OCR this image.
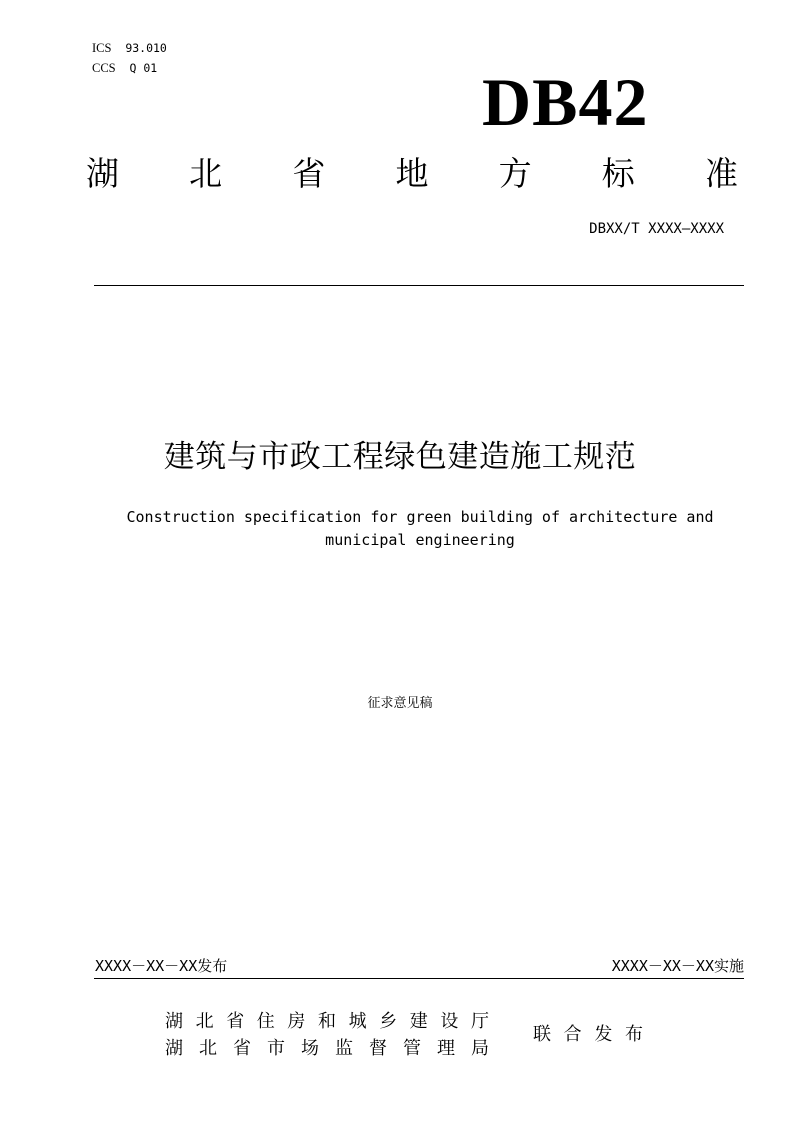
ICS 93.010
CCS Q 01	DB42
湖 北 省 地 方 标 准
DBXX/T XXXX—XXXX
建筑与市政工程绿色建造施工规范
Construction specification for green building of architecture and
municipal engineering
征求意见稿
XXXX－XX－XX发布	XXXX－XX－XX实施
湖 北 省 住 房 和 城 乡 建 设 厅
湖 北 省 市 场 监 督 管 理 局
联 合 发 布
